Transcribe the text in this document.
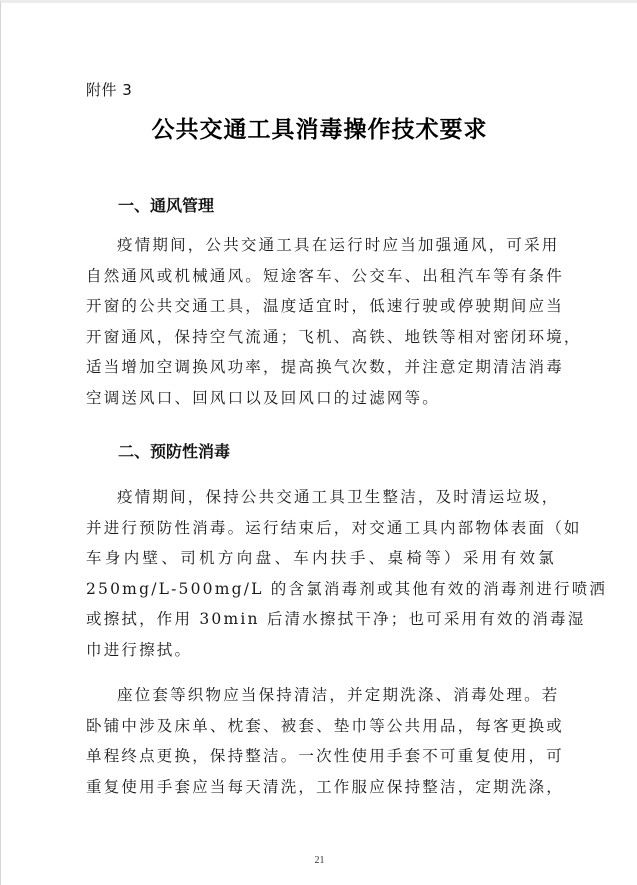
附件 3
公共交通工具消毒操作技术要求
一、通风管理
疫情期间，公共交通工具在运行时应当加强通风，可采用
自然通风或机械通风。短途客车、公交车、出租汽车等有条件
开窗的公共交通工具，温度适宜时，低速行驶或停驶期间应当
开窗通风，保持空气流通；飞机、高铁、地铁等相对密闭环境，
适当增加空调换风功率，提高换气次数，并注意定期清洁消毒
空调送风口、回风口以及回风口的过滤网等。
二、预防性消毒
疫情期间，保持公共交通工具卫生整洁，及时清运垃圾，
并进行预防性消毒。运行结束后，对交通工具内部物体表面（如
车身内壁、司机方向盘、车内扶手、桌椅等）采用有效氯
250mg/L-500mg/L 的含氯消毒剂或其他有效的消毒剂进行喷洒
或擦拭，作用 30min 后清水擦拭干净；也可采用有效的消毒湿
巾进行擦拭。
座位套等织物应当保持清洁，并定期洗涤、消毒处理。若
卧铺中涉及床单、枕套、被套、垫巾等公共用品，每客更换或
单程终点更换，保持整洁。一次性使用手套不可重复使用，可
重复使用手套应当每天清洗，工作服应保持整洁，定期洗涤，
21
